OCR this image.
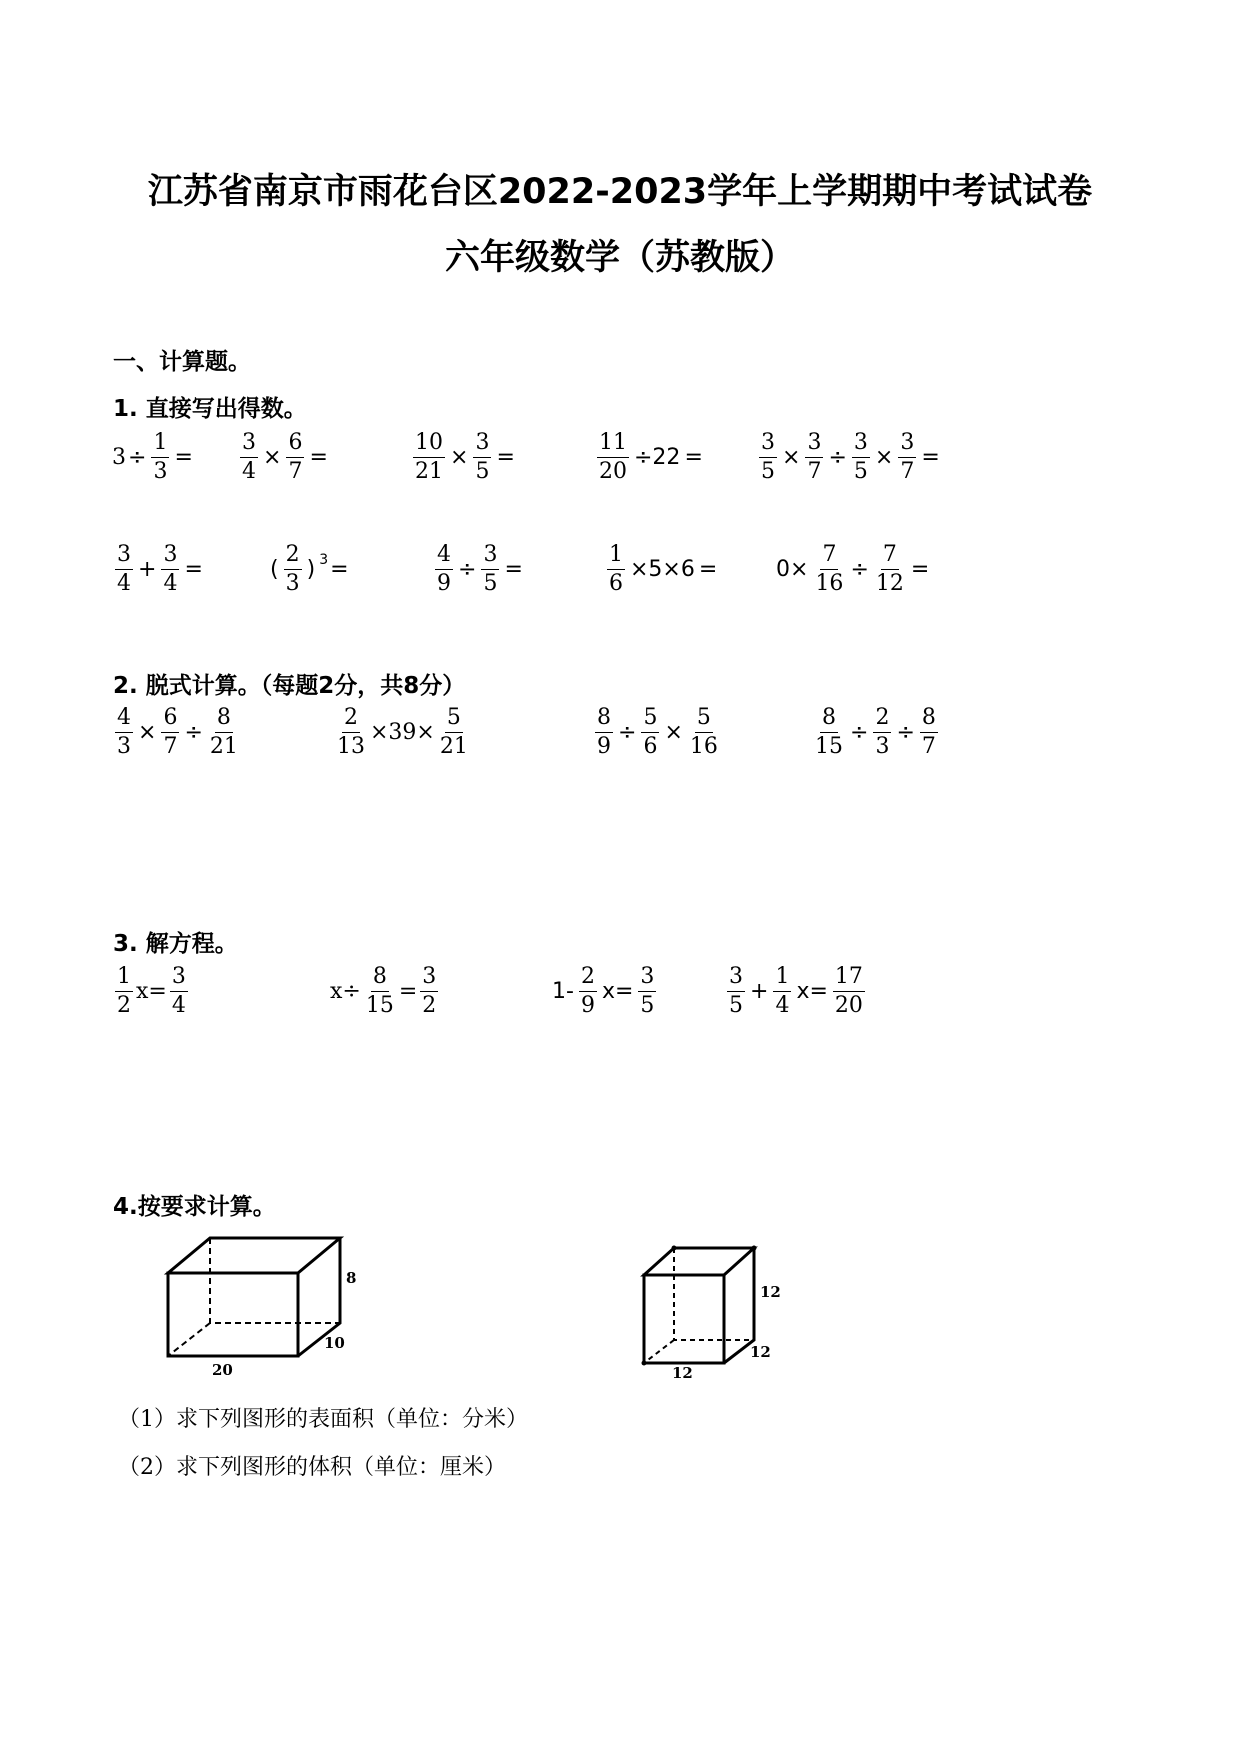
江苏省南京市雨花台区2022-2023学年上学期期中考试试卷
六年级数学（苏教版）
一、计算题。
1. 直接写出得数。
$3 \div \frac{1}{3} = \frac{3}{4} \times \frac{6}{7}$ =	$\frac{10}{21} \times \frac{3}{5}$ =	$\frac{11}{20} \div 22$ =	$\frac{3}{5} \times \frac{3}{7} \div \frac{3}{5} \times \frac{3}{7}$ =
$\frac{3}{4} + \frac{3}{4}$ =	( $\frac{2}{3}$ ) 3 =	$\frac{4}{9} \div \frac{3}{5}$ =	$\frac{1}{6} \times 5\times 6$ =	$0\times \frac{7}{16} \div \frac{7}{12}$ =
2. 脱式计算。（每题2分，共8分）
$\frac{4}{3} \times \frac{6}{7} \div \frac{8}{21}$	$\frac{2}{13} \times 39\times \frac{5}{21}$	$\frac{8}{9} \div \frac{5}{6} \times \frac{5}{16}$	$\frac{8}{15} \div \frac{2}{3} \div \frac{8}{7}$
3. 解方程。
$\frac{1}{2} x= \frac{3}{4}$	$x\div \frac{8}{15} = \frac{3}{2}$	$1- \frac{2}{9} x= \frac{3}{5}$	$\frac{3}{5} + \frac{1}{4} x= \frac{17}{20}$
4.按要求计算。
8
10
20
12
12
12
（1）求下列图形的表面积（单位：分米）
（2）求下列图形的体积（单位：厘米）
